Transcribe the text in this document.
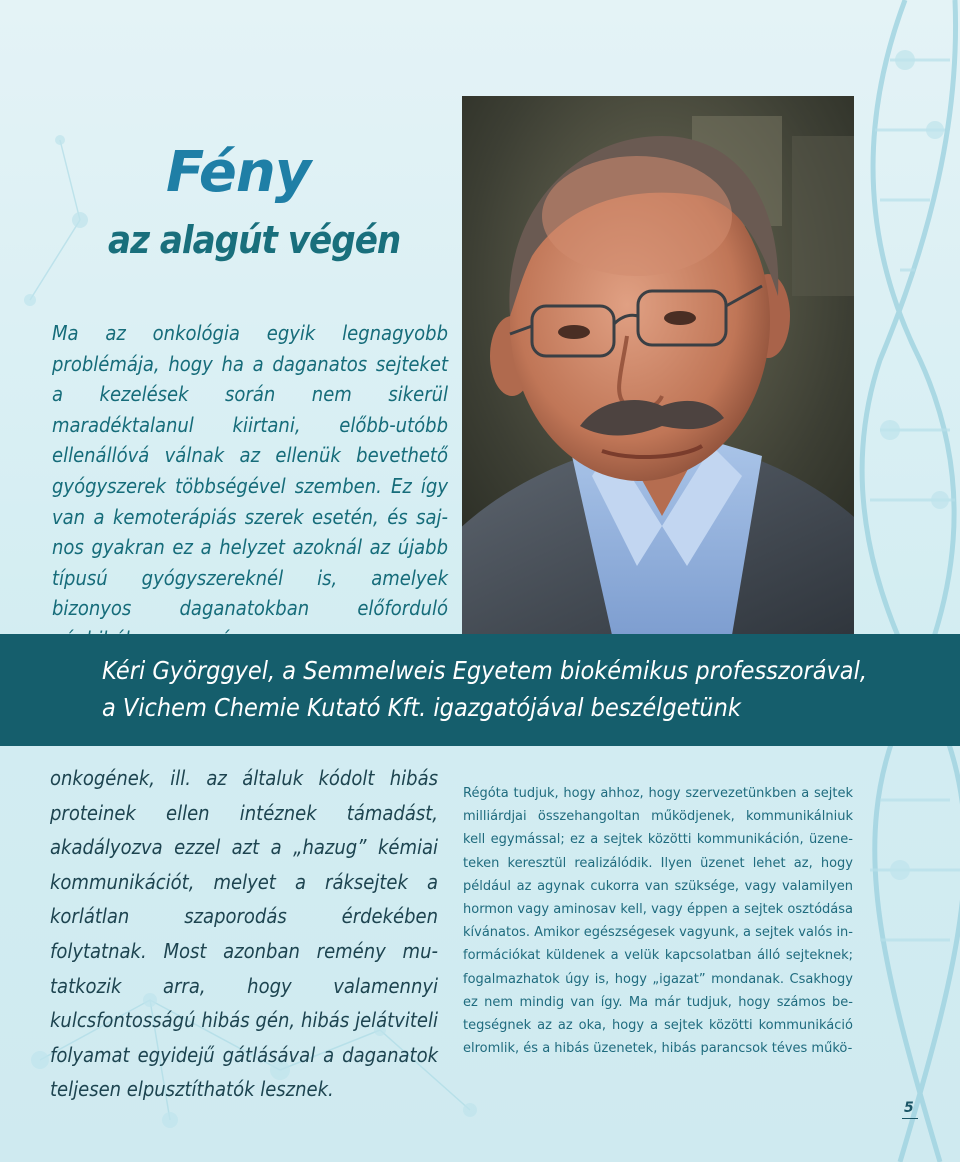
Fény
az alagút végén

Ma az onkológia egyik legnagyobb problémája, hogy ha a daganatos sejteket a kezelések során nem sikerül maradéktalanul kiirtani, előbb-utóbb ellenállóvá válnak az ellenük bevethető gyógyszerek többségével szemben. Ez így van a kemoterápiás szerek esetén, és sajnos gyakran ez a helyzet azoknál az újabb típusú gyógyszereknél is, amelyek bizonyos daganatokban előforduló

Kéri Györggyel, a Semmelweis Egyetem biokémikus professzorával,
a Vichem Chemie Kutató Kft. igazgatójával beszélgetünk

onkogének, ill. az általuk kódolt hibás proteinek ellen intéznek támadást, akadályozva ezzel azt a „hazug” kémiai kommunikációt, melyet a ráksejtek a korlátlan szaporodás érdekében folytatnak. Most azonban remény mutatkozik arra, hogy valamennyi kulcsfontosságú hibás gén, hibás jelátviteli folyamat egyidejű gátlásával a daganatok teljesen elpusztíthatók lesznek.

Régóta tudjuk, hogy ahhoz, hogy szervezetünkben a sejtek milliárdjai összehangoltan működjenek, kommunikálniuk kell egymással; ez a sejtek közötti kommunikáción, üzeneteken keresztül realizálódik. Ilyen üzenet lehet az, hogy például az agynak cukorra van szüksége, vagy valamilyen hormon vagy aminosav kell, vagy éppen a sejtek osztódása kívánatos. Amikor egészségesek vagyunk, a sejtek valós információkat küldenek a velük kapcsolatban álló sejteknek; fogalmazhatok úgy is, hogy „igazat” mondanak. Csakhogy ez nem mindig van így. Ma már tudjuk, hogy számos betegségnek az az oka, hogy a sejtek közötti kommunikáció elromlik, és a hibás üzenetek, hibás parancsok téves műkö-

5
